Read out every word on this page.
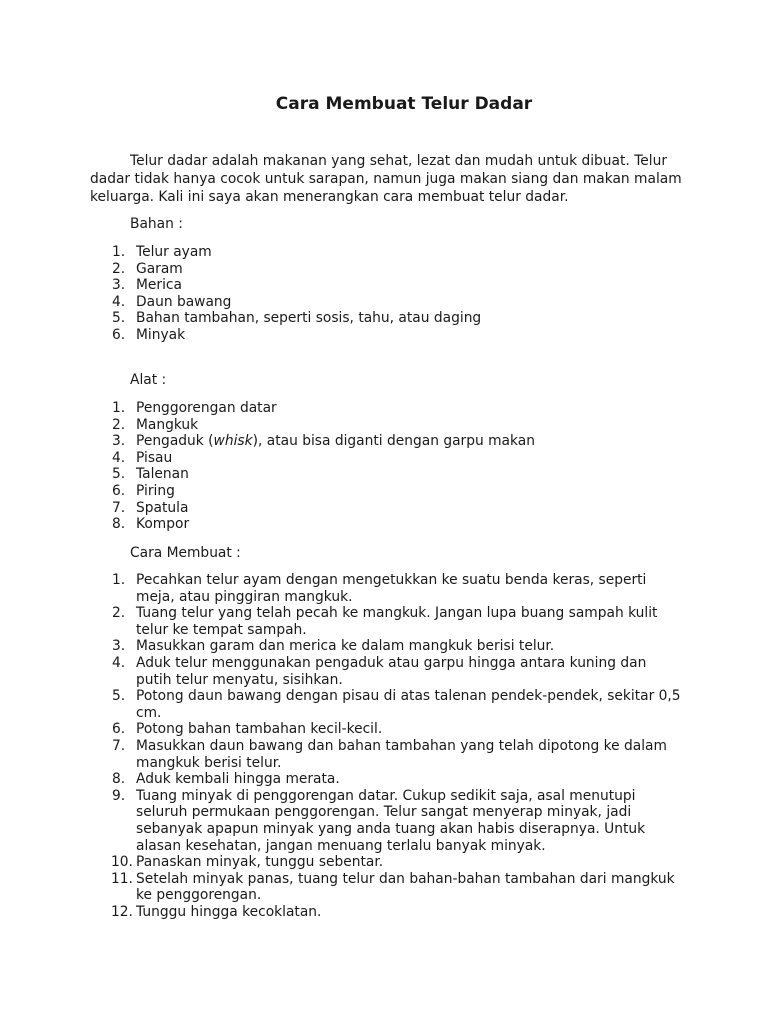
Cara Membuat Telur Dadar

Telur dadar adalah makanan yang sehat, lezat dan mudah untuk dibuat. Telur dadar tidak hanya cocok untuk sarapan, namun juga makan siang dan makan malam keluarga. Kali ini saya akan menerangkan cara membuat telur dadar.

Bahan :

1. Telur ayam
2. Garam
3. Merica
4. Daun bawang
5. Bahan tambahan, seperti sosis, tahu, atau daging
6. Minyak

Alat :

1. Penggorengan datar
2. Mangkuk
3. Pengaduk (whisk), atau bisa diganti dengan garpu makan
4. Pisau
5. Talenan
6. Piring
7. Spatula
8. Kompor

Cara Membuat :

1. Pecahkan telur ayam dengan mengetukkan ke suatu benda keras, seperti meja, atau pinggiran mangkuk.
2. Tuang telur yang telah pecah ke mangkuk. Jangan lupa buang sampah kulit telur ke tempat sampah.
3. Masukkan garam dan merica ke dalam mangkuk berisi telur.
4. Aduk telur menggunakan pengaduk atau garpu hingga antara kuning dan putih telur menyatu, sisihkan.
5. Potong daun bawang dengan pisau di atas talenan pendek-pendek, sekitar 0,5 cm.
6. Potong bahan tambahan kecil-kecil.
7. Masukkan daun bawang dan bahan tambahan yang telah dipotong ke dalam mangkuk berisi telur.
8. Aduk kembali hingga merata.
9. Tuang minyak di penggorengan datar. Cukup sedikit saja, asal menutupi seluruh permukaan penggorengan. Telur sangat menyerap minyak, jadi sebanyak apapun minyak yang anda tuang akan habis diserapnya. Untuk alasan kesehatan, jangan menuang terlalu banyak minyak.
10. Panaskan minyak, tunggu sebentar.
11. Setelah minyak panas, tuang telur dan bahan-bahan tambahan dari mangkuk ke penggorengan.
12. Tunggu hingga kecoklatan.
